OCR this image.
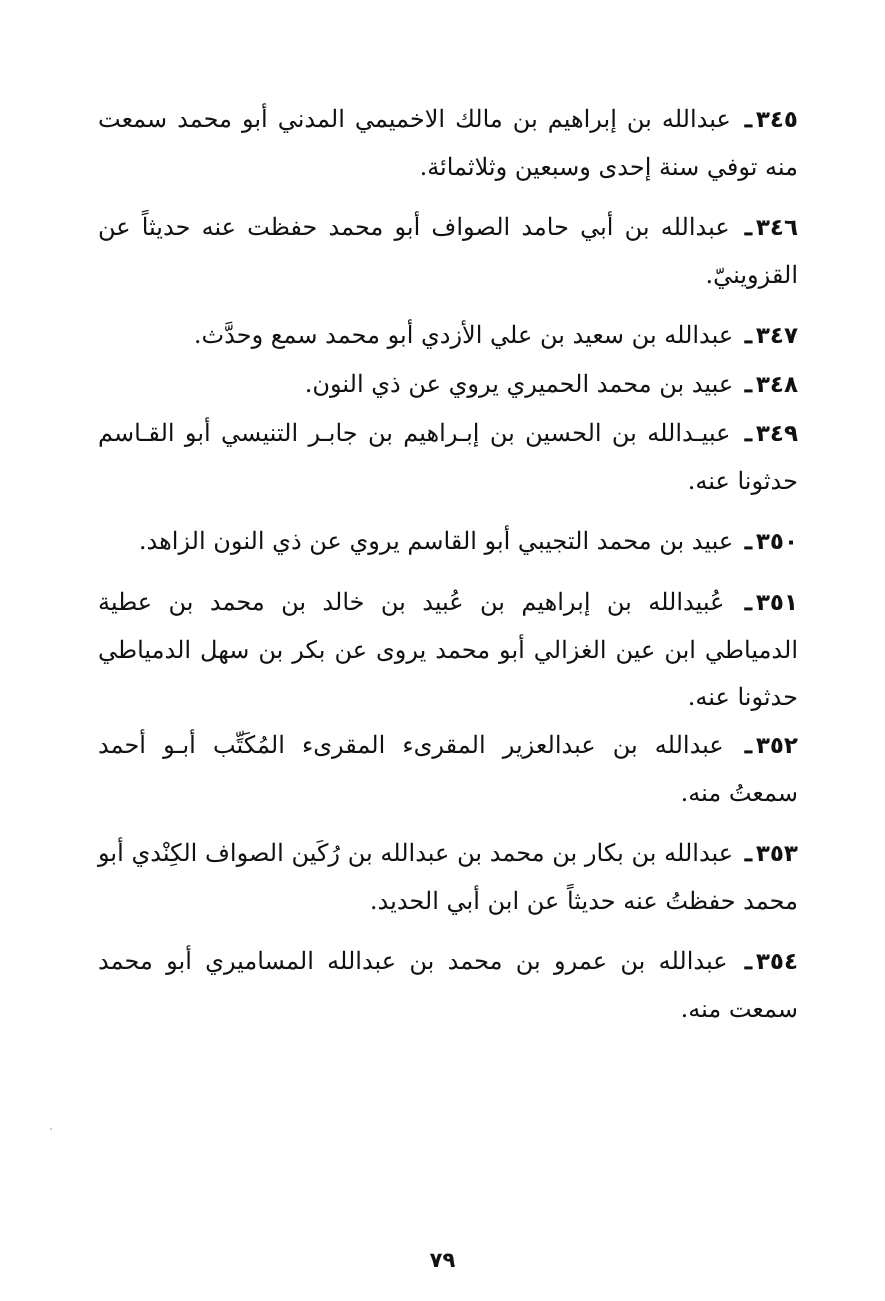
٣٤٥ـ عبدالله بن إبراهيم بن مالك الاخميمي المدني أبو محمد سمعت منه توفي سنة إحدى وسبعين وثلاثمائة.

٣٤٦ـ عبدالله بن أبي حامد الصواف أبو محمد حفظت عنه حديثاً عن القزوينيّ.

٣٤٧ـ عبدالله بن سعيد بن علي الأزدي أبو محمد سمع وحدَّث.

٣٤٨ـ عبيد بن محمد الحميري يروي عن ذي النون.

٣٤٩ـ عبيـدالله بن الحسين بن إبـراهيم بن جابـر التنيسي أبو القـاسم حدثونا عنه.

٣٥٠ـ عبيد بن محمد التجيبي أبو القاسم يروي عن ذي النون الزاهد.

٣٥١ـ عُبيدالله بن إبراهيم بن عُبيد بن خالد بن محمد بن عطية الدمياطي ابن عين الغزالي أبو محمد يروى عن بكر بن سهل الدمياطي حدثونا عنه.

٣٥٢ـ عبدالله بن عبدالعزير المقرىء المقرىء المُكَتِّب أبـو أحمد سمعتُ منه.

٣٥٣ـ عبدالله بن بكار بن محمد بن عبدالله بن رُكَين الصواف الكِنْدي أبو محمد حفظتُ عنه حديثاً عن ابن أبي الحديد.

٣٥٤ـ عبدالله بن عمرو بن محمد بن عبدالله المساميري أبو محمد سمعت منه.

٧٩
